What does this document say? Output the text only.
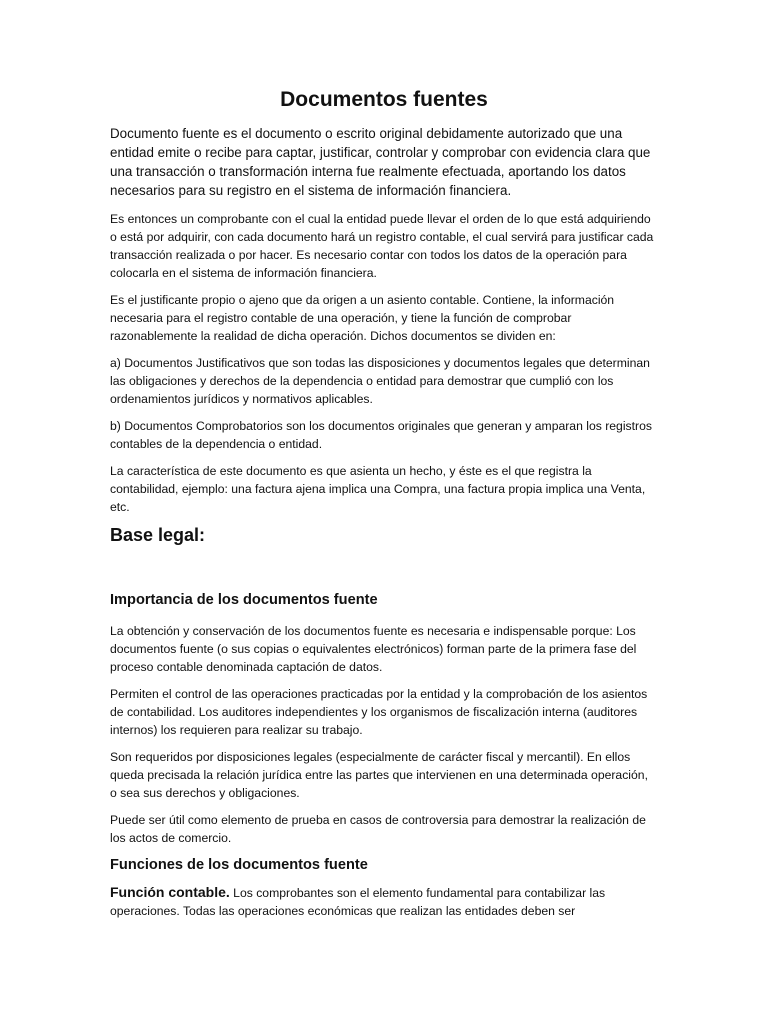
Documentos fuentes

Documento fuente es el documento o escrito original debidamente autorizado que una entidad emite o recibe para captar, justificar, controlar y comprobar con evidencia clara que una transacción o transformación interna fue realmente efectuada, aportando los datos necesarios para su registro en el sistema de información financiera.

Es entonces un comprobante con el cual la entidad puede llevar el orden de lo que está adquiriendo o está por adquirir, con cada documento hará un registro contable, el cual servirá para justificar cada transacción realizada o por hacer. Es necesario contar con todos los datos de la operación para colocarla en el sistema de información financiera.

Es el justificante propio o ajeno que da origen a un asiento contable. Contiene, la información necesaria para el registro contable de una operación, y tiene la función de comprobar razonablemente la realidad de dicha operación. Dichos documentos se dividen en:

a) Documentos Justificativos que son todas las disposiciones y documentos legales que determinan las obligaciones y derechos de la dependencia o entidad para demostrar que cumplió con los ordenamientos jurídicos y normativos aplicables.

b) Documentos Comprobatorios son los documentos originales que generan y amparan los registros contables de la dependencia o entidad.

La característica de este documento es que asienta un hecho, y éste es el que registra la contabilidad, ejemplo: una factura ajena implica una Compra, una factura propia implica una Venta, etc.

Base legal:
Importancia de los documentos fuente

La obtención y conservación de los documentos fuente es necesaria e indispensable porque: Los documentos fuente (o sus copias o equivalentes electrónicos) forman parte de la primera fase del proceso contable denominada captación de datos.

Permiten el control de las operaciones practicadas por la entidad y la comprobación de los asientos de contabilidad. Los auditores independientes y los organismos de fiscalización interna (auditores internos) los requieren para realizar su trabajo.

Son requeridos por disposiciones legales (especialmente de carácter fiscal y mercantil). En ellos queda precisada la relación jurídica entre las partes que intervienen en una determinada operación, o sea sus derechos y obligaciones.

Puede ser útil como elemento de prueba en casos de controversia para demostrar la realización de los actos de comercio.

Funciones de los documentos fuente

Función contable. Los comprobantes son el elemento fundamental para contabilizar las operaciones. Todas las operaciones económicas que realizan las entidades deben ser
